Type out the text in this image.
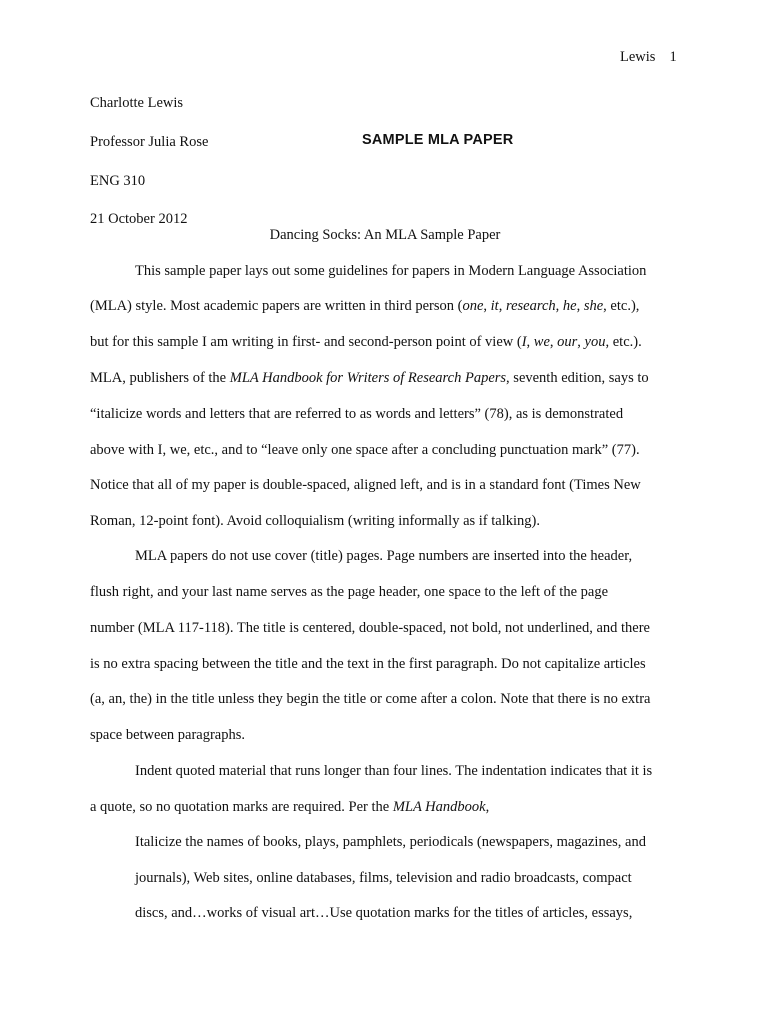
Lewis 1
Charlotte Lewis
Professor Julia Rose	SAMPLE MLA PAPER
ENG 310
21 October 2012
Dancing Socks: An MLA Sample Paper
This sample paper lays out some guidelines for papers in Modern Language Association
(MLA) style. Most academic papers are written in third person (one, it, research, he, she, etc.),
but for this sample I am writing in first- and second-person point of view (I, we, our, you, etc.).
MLA, publishers of the MLA Handbook for Writers of Research Papers, seventh edition, says to
“italicize words and letters that are referred to as words and letters” (78), as is demonstrated
above with I, we, etc., and to “leave only one space after a concluding punctuation mark” (77).
Notice that all of my paper is double-spaced, aligned left, and is in a standard font (Times New
Roman, 12-point font). Avoid colloquialism (writing informally as if talking).
MLA papers do not use cover (title) pages. Page numbers are inserted into the header,
flush right, and your last name serves as the page header, one space to the left of the page
number (MLA 117-118). The title is centered, double-spaced, not bold, not underlined, and there
is no extra spacing between the title and the text in the first paragraph. Do not capitalize articles
(a, an, the) in the title unless they begin the title or come after a colon. Note that there is no extra
space between paragraphs.
Indent quoted material that runs longer than four lines. The indentation indicates that it is
a quote, so no quotation marks are required. Per the MLA Handbook,
Italicize the names of books, plays, pamphlets, periodicals (newspapers, magazines, and
journals), Web sites, online databases, films, television and radio broadcasts, compact
discs, and…works of visual art…Use quotation marks for the titles of articles, essays,
